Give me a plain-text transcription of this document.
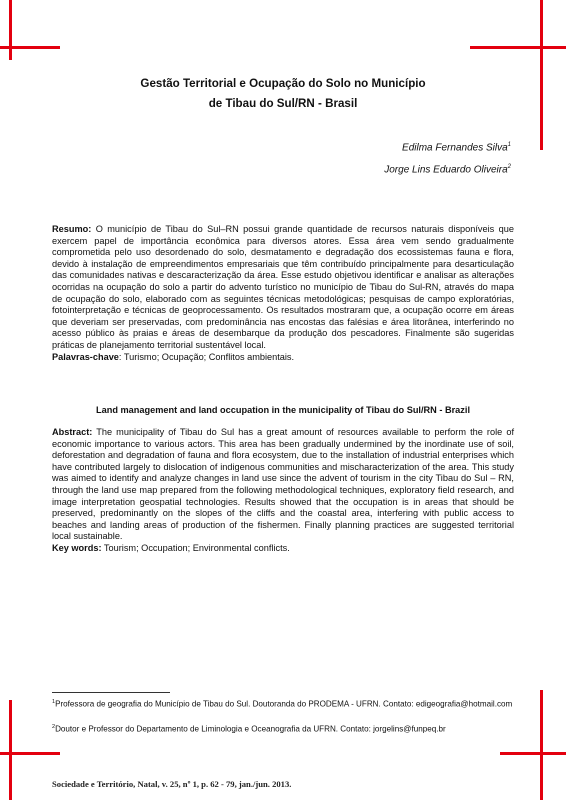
Gestão Territorial e Ocupação do Solo no Município
de Tibau do Sul/RN - Brasil
Edilma Fernandes Silva$^1$
Jorge Lins Eduardo Oliveira$^2$
Resumo: O município de Tibau do Sul–RN possui grande quantidade de recursos naturais disponíveis que exercem papel de importância econômica para diversos atores. Essa área vem sendo gradualmente comprometida pelo uso desordenado do solo, desmatamento e degradação dos ecossistemas fauna e flora, devido à instalação de empreendimentos empresariais que têm contribuído principalmente para desarticulação das comunidades nativas e descaracterização da área. Esse estudo objetivou identificar e analisar as alterações ocorridas na ocupação do solo a partir do advento turístico no município de Tibau do Sul-RN, através do mapa de ocupação do solo, elaborado com as seguintes técnicas metodológicas; pesquisas de campo exploratórias, fotointerpretação e técnicas de geoprocessamento. Os resultados mostraram que, a ocupação ocorre em áreas que deveriam ser preservadas, com predominância nas encostas das falésias e área litorânea, interferindo no acesso público às praias e áreas de desembarque da produção dos pescadores. Finalmente são sugeridas práticas de planejamento territorial sustentável local.
Palavras-chave: Turismo; Ocupação; Conflitos ambientais.
Land management and land occupation in the municipality of Tibau do Sul/RN - Brazil
Abstract: The municipality of Tibau do Sul has a great amount of resources available to perform the role of economic importance to various actors. This area has been gradually undermined by the inordinate use of soil, deforestation and degradation of fauna and flora ecosystem, due to the installation of industrial enterprises which have contributed largely to dislocation of indigenous communities and mischaracterization of the area. This study was aimed to identify and analyze changes in land use since the advent of tourism in the city Tibau do Sul – RN, through the land use map prepared from the following methodological techniques, exploratory field research, and image interpretation geospatial technologies. Results showed that the occupation is in areas that should be preserved, predominantly on the slopes of the cliffs and the coastal area, interfering with public access to beaches and landing areas of production of the fishermen. Finally planning practices are suggested territorial local sustainable.
Key words: Tourism; Occupation; Environmental conflicts.
$^1$Professora de geografia do Município de Tibau do Sul. Doutoranda do PRODEMA - UFRN. Contato: edigeografia@hotmail.com
$^2$Doutor e Professor do Departamento de Liminologia e Oceanografia da UFRN. Contato: jorgelins@funpeq.br
Sociedade e Território, Natal, v. 25, nº 1, p. 62 - 79, jan./jun. 2013.
